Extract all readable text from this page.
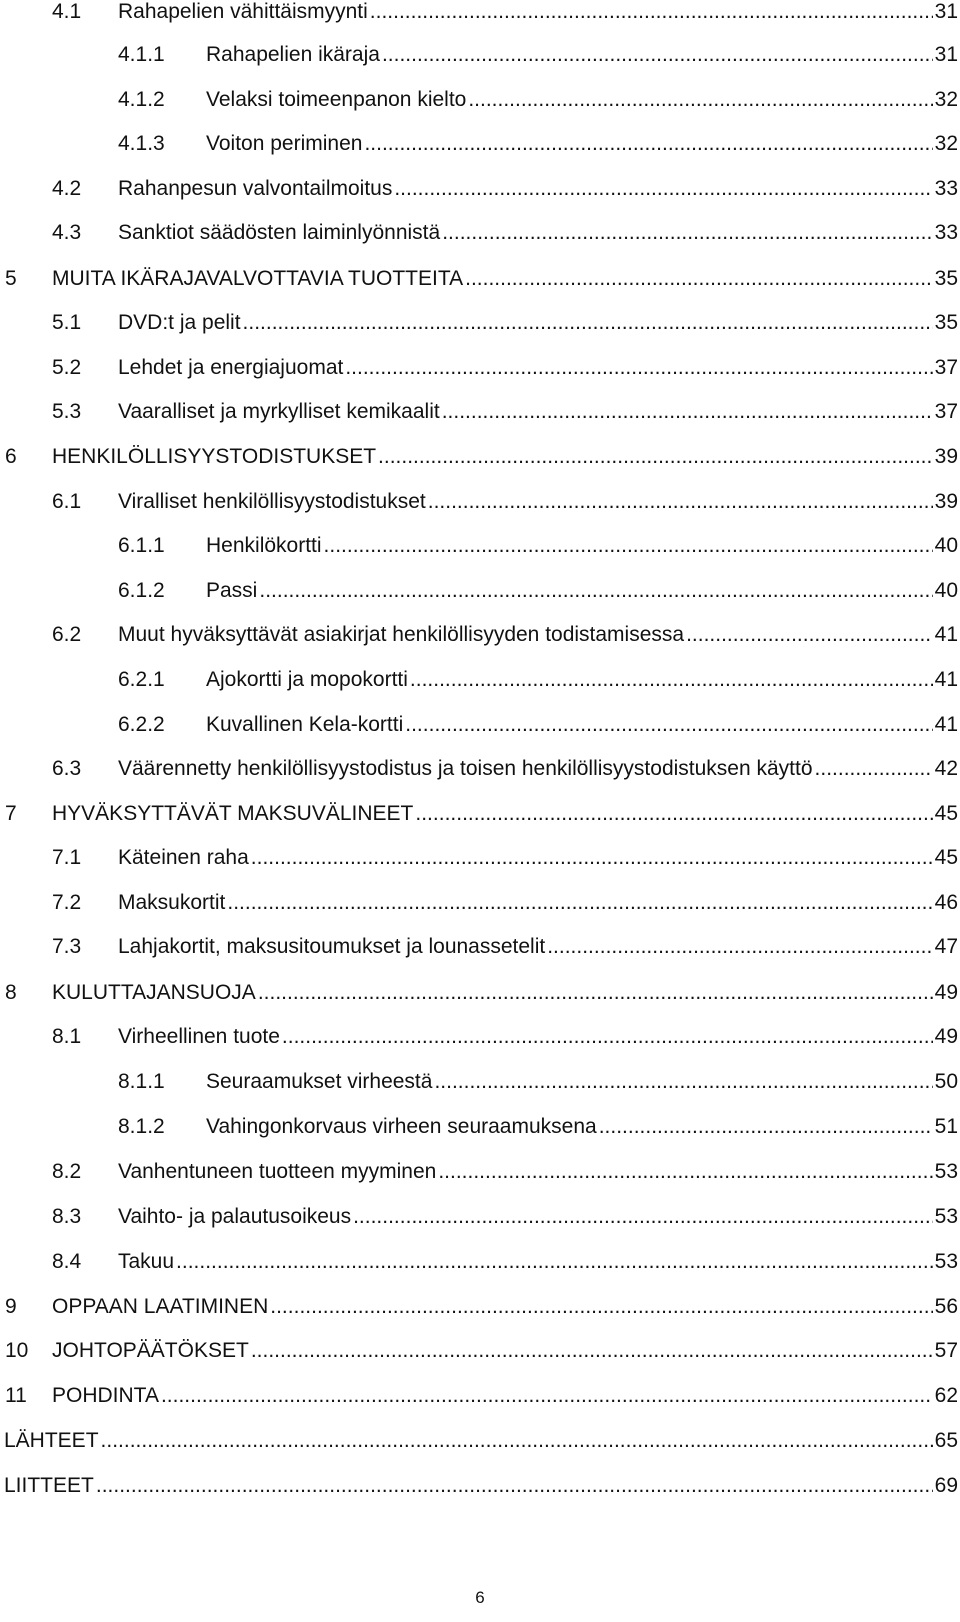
4.1 Rahapelien vähittäismyynti .....	31
4.1.1 Rahapelien ikäraja .....	31
4.1.2 Velaksi toimeenpanon kielto .....	32
4.1.3 Voiton periminen .....	32
4.2 Rahanpesun valvontailmoitus .....	33
4.3 Sanktiot säädösten laiminlyönnistä .....	33
5 MUITA IKÄRAJAVALVOTTAVIA TUOTTEITA .....	35
5.1 DVD:t ja pelit .....	35
5.2 Lehdet ja energiajuomat .....	37
5.3 Vaaralliset ja myrkylliset kemikaalit .....	37
6 HENKILÖLLISYYSTODISTUKSET .....	39
6.1 Viralliset henkilöllisyystodistukset .....	39
6.1.1 Henkilökortti .....	40
6.1.2 Passi .....	40
6.2 Muut hyväksyttävät asiakirjat henkilöllisyyden todistamisessa .....	41
6.2.1 Ajokortti ja mopokortti .....	41
6.2.2 Kuvallinen Kela-kortti .....	41
6.3 Väärennetty henkilöllisyystodistus ja toisen henkilöllisyystodistuksen käyttö .....	42
7 HYVÄKSYTTÄVÄT MAKSUVÄLINEET .....	45
7.1 Käteinen raha .....	45
7.2 Maksukortit .....	46
7.3 Lahjakortit, maksusitoumukset ja lounassetelit .....	47
8 KULUTTAJANSUOJA .....	49
8.1 Virheellinen tuote .....	49
8.1.1 Seuraamukset virheestä .....	50
8.1.2 Vahingonkorvaus virheen seuraamuksena .....	51
8.2 Vanhentuneen tuotteen myyminen .....	53
8.3 Vaihto- ja palautusoikeus .....	53
8.4 Takuu .....	53
9 OPPAAN LAATIMINEN .....	56
10 JOHTOPÄÄTÖKSET .....	57
11 POHDINTA .....	62
LÄHTEET .....	65
LIITTEET .....	69
6
